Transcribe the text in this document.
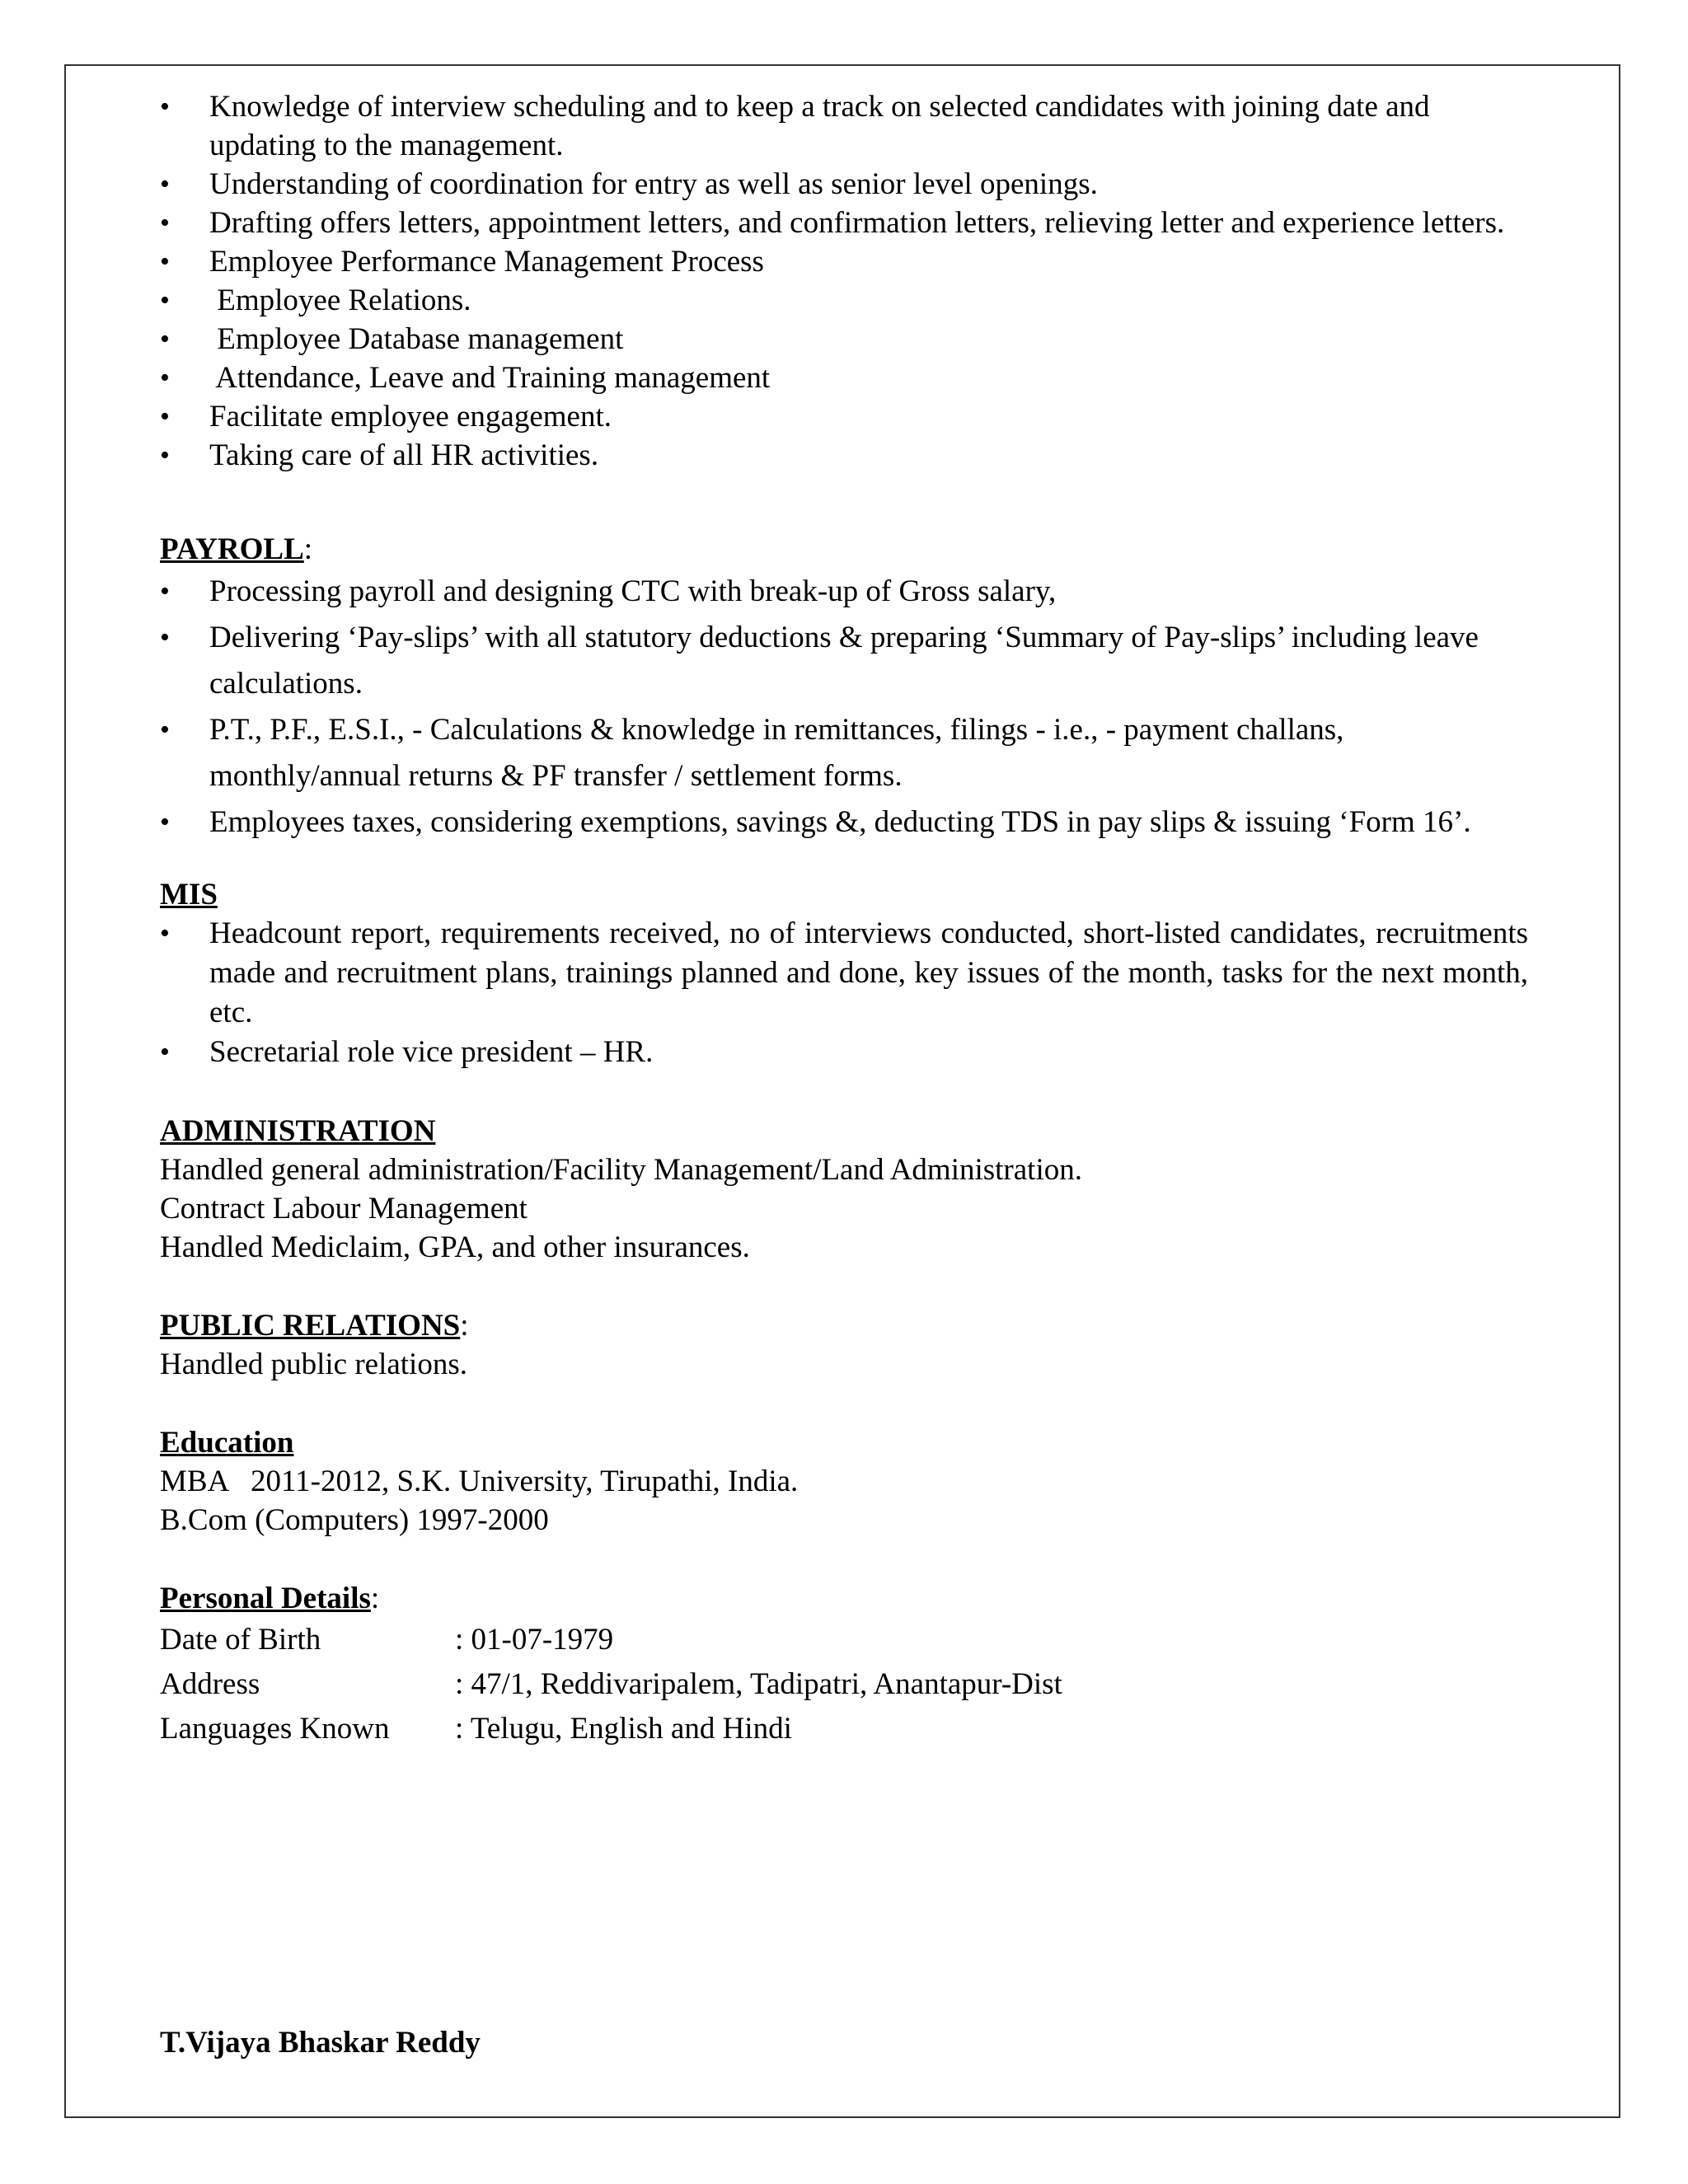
• Knowledge of interview scheduling and to keep a track on selected candidates with joining date and updating to the management.
• Understanding of coordination for entry as well as senior level openings.
• Drafting offers letters, appointment letters, and confirmation letters, relieving letter and experience letters.
• Employee Performance Management Process
•  Employee Relations.
•  Employee Database management
•  Attendance, Leave and Training management
• Facilitate employee engagement.
• Taking care of all HR activities.

PAYROLL:

• Processing payroll and designing CTC with break-up of Gross salary,
• Delivering ‘Pay-slips’ with all statutory deductions & preparing ‘Summary of Pay-slips’ including leave calculations.
• P.T., P.F., E.S.I., - Calculations & knowledge in remittances, filings - i.e., - payment challans, monthly/annual returns & PF transfer / settlement forms.
• Employees taxes, considering exemptions, savings &, deducting TDS in pay slips & issuing ‘Form 16’.

MIS

• Headcount report, requirements received, no of interviews conducted, short-listed candidates, recruitments made and recruitment plans, trainings planned and done, key issues of the month, tasks for the next month, etc.
• Secretarial role vice president – HR.

ADMINISTRATION

Handled general administration/Facility Management/Land Administration.

Contract Labour Management

Handled Mediclaim, GPA, and other insurances.

PUBLIC RELATIONS:

Handled public relations.

Education

MBA   2011-2012, S.K. University, Tirupathi, India.

B.Com (Computers) 1997-2000

Personal Details:

Date of Birth	: 01-07-1979
Address	: 47/1, Reddivaripalem, Tadipatri, Anantapur-Dist
Languages Known	: Telugu, English and Hindi

T.Vijaya Bhaskar Reddy
